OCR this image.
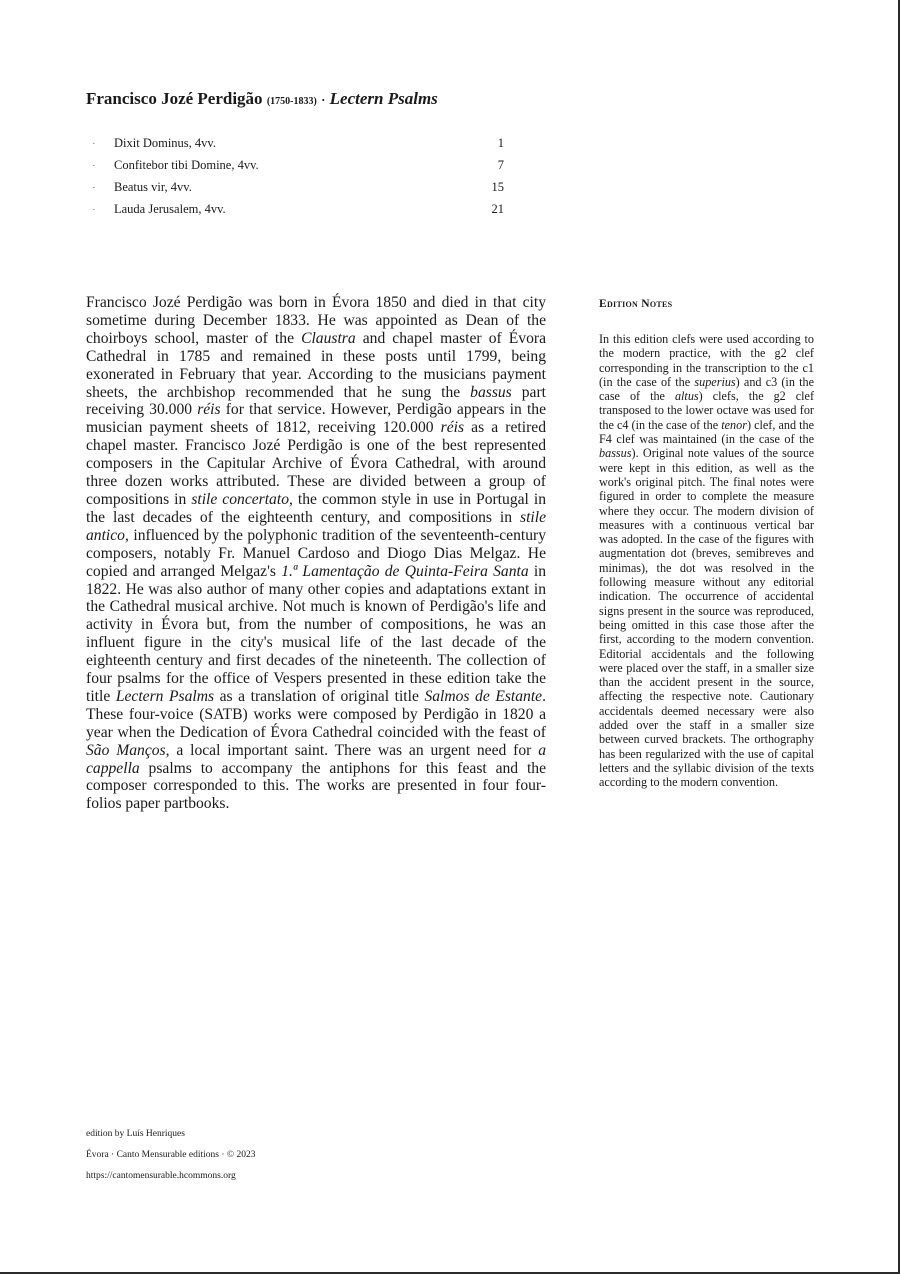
Francisco Jozé Perdigão (1750-1833) · Lectern Psalms
·	Dixit Dominus, 4vv.	1
·	Confitebor tibi Domine, 4vv.	7
·	Beatus vir, 4vv.	15
·	Lauda Jerusalem, 4vv.	21

Francisco Jozé Perdigão was born in Évora 1850 and died in that city sometime during December 1833. He was appointed as Dean of the choirboys school, master of the Claustra and chapel master of Évora Cathedral in 1785 and remained in these posts until 1799, being exonerated in February that year. According to the musicians payment sheets, the archbishop recommended that he sung the bassus part receiving 30.000 réis for that service. However, Perdigão appears in the musician payment sheets of 1812, receiving 120.000 réis as a retired chapel master. Francisco Jozé Perdigão is one of the best represented composers in the Capitular Archive of Évora Cathedral, with around three dozen works attributed. These are divided between a group of compositions in stile concertato, the common style in use in Portugal in the last decades of the eighteenth century, and compositions in stile antico, influenced by the polyphonic tradition of the seventeenth-century composers, notably Fr. Manuel Cardoso and Diogo Dias Melgaz. He copied and arranged Melgaz's 1.ª Lamentação de Quinta-Feira Santa in 1822. He was also author of many other copies and adaptations extant in the Cathedral musical archive. Not much is known of Perdigão's life and activity in Évora but, from the number of compositions, he was an influent figure in the city's musical life of the last decade of the eighteenth century and first decades of the nineteenth. The collection of four psalms for the office of Vespers presented in these edition take the title Lectern Psalms as a translation of original title Salmos de Estante. These four-voice (SATB) works were composed by Perdigão in 1820 a year when the Dedication of Évora Cathedral coincided with the feast of São Manços, a local important saint. There was an urgent need for a cappella psalms to accompany the antiphons for this feast and the composer corresponded to this. The works are presented in four four-folios paper partbooks.

Edition Notes

In this edition clefs were used according to the modern practice, with the g2 clef corresponding in the transcription to the c1 (in the case of the superius) and c3 (in the case of the altus) clefs, the g2 clef transposed to the lower octave was used for the c4 (in the case of the tenor) clef, and the F4 clef was maintained (in the case of the bassus). Original note values of the source were kept in this edition, as well as the work's original pitch. The final notes were figured in order to complete the measure where they occur. The modern division of measures with a continuous vertical bar was adopted. In the case of the figures with augmentation dot (breves, semibreves and minimas), the dot was resolved in the following measure without any editorial indication. The occurrence of accidental signs present in the source was reproduced, being omitted in this case those after the first, according to the modern convention. Editorial accidentals and the following were placed over the staff, in a smaller size than the accident present in the source, affecting the respective note. Cautionary accidentals deemed necessary were also added over the staff in a smaller size between curved brackets. The orthography has been regularized with the use of capital letters and the syllabic division of the texts according to the modern convention.

edition by Luís Henriques
Évora · Canto Mensurable editions · © 2023
https://cantomensurable.hcommons.org
